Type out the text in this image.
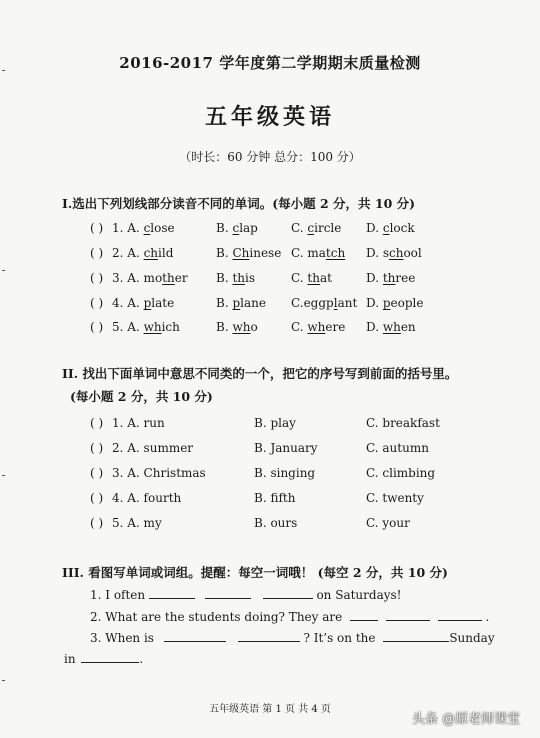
2016-2017 学年度第二学期期末质量检测
五年级英语
（时长：60 分钟 总分：100 分）
I.选出下列划线部分读音不同的单词。(每小题 2 分，共 10 分)
( ) 1. A. close	B. clap	C. circle D. clock
( ) 2. A. child	B. Chinese C. match D. school
( ) 3. A. mother B. this	C. that	D. three
( ) 4. A. plate	B. plane C.eggplant D. people
( ) 5. A. which	B. who	C. where D. when
II. 找出下面单词中意思不同类的一个，把它的序号写到前面的括号里。
(每小题 2 分，共 10 分)
( ) 1. A. run	B. play	C. breakfast
( ) 2. A. summer	B. January	C. autumn
( ) 3. A. Christmas	B. singing	C. climbing
( ) 4. A. fourth	B. fifth	C. twenty
( ) 5. A. my	B. ours	C. your
III. 看图写单词或词组。提醒：每空一词哦！ (每空 2 分，共 10 分)
1. I often	on Saturdays!
2. What are the students doing? They are	.
3. When is	? It’s on the	Sunday
in	.
五年级英语 第 1 页 共 4 页
头条 @原老师课堂
